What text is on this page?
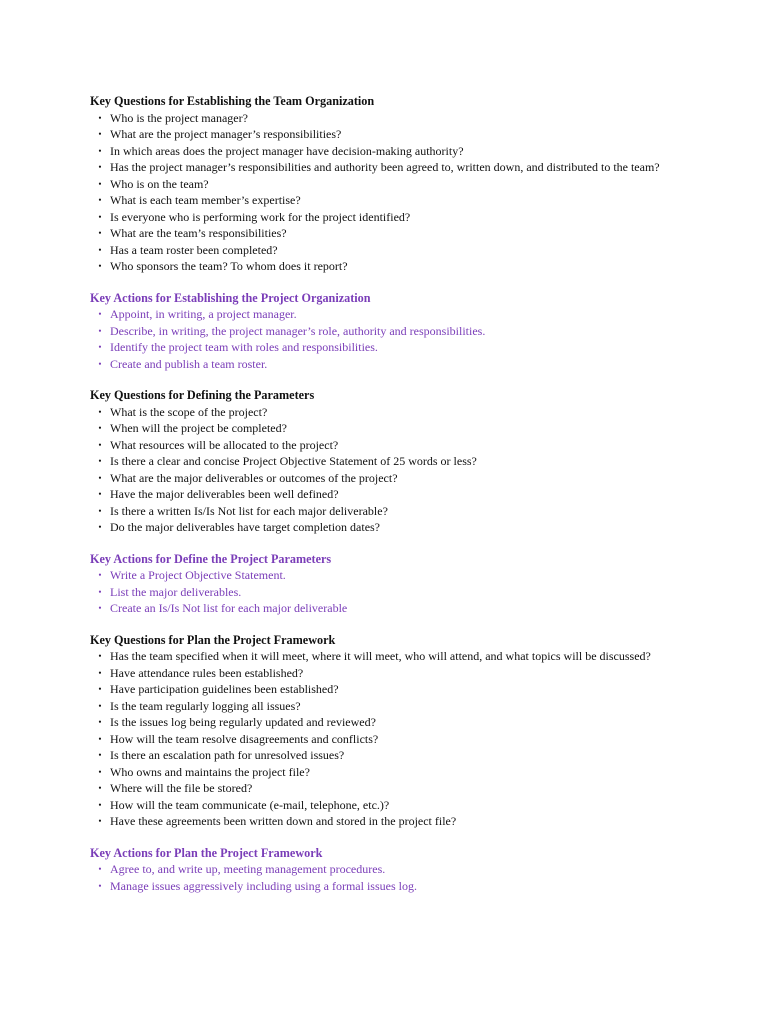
Key Questions for Establishing the Team Organization
• Who is the project manager?
• What are the project manager’s responsibilities?
• In which areas does the project manager have decision-making authority?
• Has the project manager’s responsibilities and authority been agreed to, written down, and distributed to the team?
• Who is on the team?
• What is each team member’s expertise?
• Is everyone who is performing work for the project identified?
• What are the team’s responsibilities?
• Has a team roster been completed?
• Who sponsors the team? To whom does it report?
Key Actions for Establishing the Project Organization
• Appoint, in writing, a project manager.
• Describe, in writing, the project manager’s role, authority and responsibilities.
• Identify the project team with roles and responsibilities.
• Create and publish a team roster.
Key Questions for Defining the Parameters
• What is the scope of the project?
• When will the project be completed?
• What resources will be allocated to the project?
• Is there a clear and concise Project Objective Statement of 25 words or less?
• What are the major deliverables or outcomes of the project?
• Have the major deliverables been well defined?
• Is there a written Is/Is Not list for each major deliverable?
• Do the major deliverables have target completion dates?
Key Actions for Define the Project Parameters
• Write a Project Objective Statement.
• List the major deliverables.
• Create an Is/Is Not list for each major deliverable
Key Questions for Plan the Project Framework
• Has the team specified when it will meet, where it will meet, who will attend, and what topics will be discussed?
• Have attendance rules been established?
• Have participation guidelines been established?
• Is the team regularly logging all issues?
• Is the issues log being regularly updated and reviewed?
• How will the team resolve disagreements and conflicts?
• Is there an escalation path for unresolved issues?
• Who owns and maintains the project file?
• Where will the file be stored?
• How will the team communicate (e-mail, telephone, etc.)?
• Have these agreements been written down and stored in the project file?
Key Actions for Plan the Project Framework
• Agree to, and write up, meeting management procedures.
• Manage issues aggressively including using a formal issues log.
